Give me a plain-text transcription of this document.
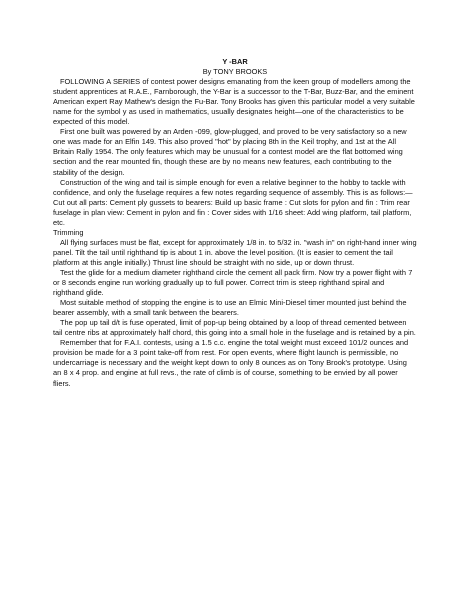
Y -BAR

By TONY BROOKS

FOLLOWING A SERIES of contest power designs emanating from the keen group of modellers among the student apprentices at R.A.E., Farnborough, the Y-Bar is a successor to the T-Bar, Buzz-Bar, and the eminent American expert Ray Mathew's design the Fu-Bar. Tony Brooks has given this particular model a very suitable name for the symbol y as used in mathematics, usually designates height—one of the characteristics to be expected of this model.

First one built was powered by an Arden -099, glow-plugged, and proved to be very satisfactory so a new one was made for an Elfin 149. This also proved "hot" by placing 8th in the Keil trophy, and 1st at the All Britain Rally 1954. The only features which may be unusual for a contest model are the flat bottomed wing section and the rear mounted fin, though these are by no means new features, each contributing to the stability of the design.

Construction of the wing and tail is simple enough for even a relative beginner to the hobby to tackle with confidence, and only the fuselage requires a few notes regarding sequence of assembly. This is as follows:— Cut out all parts: Cement ply gussets to bearers: Build up basic frame : Cut slots for pylon and fin : Trim rear fuselage in plan view: Cement in pylon and fin : Cover sides with 1/16 sheet: Add wing platform, tail platform, etc.

Trimming

All flying surfaces must be flat, except for approximately 1/8 in. to 5/32 in. "wash in" on right-hand inner wing panel. Tilt the tail until righthand tip is about 1 in. above the level position. (It is easier to cement the tail platform at this angle initially.) Thrust line should be straight with no side, up or down thrust.

Test the glide for a medium diameter righthand circle the cement all pack firm. Now try a power flight with 7 or 8 seconds engine run working gradually up to full power. Correct trim is steep righthand spiral and righthand glide.

Most suitable method of stopping the engine is to use an Elmic Mini-Diesel timer mounted just behind the bearer assembly, with a small tank between the bearers.

The pop up tail d/t is fuse operated, limit of pop-up being obtained by a loop of thread cemented between tail centre ribs at approximately half chord, this going into a small hole in the fuselage and is retained by a pin.

Remember that for F.A.I. contests, using a 1.5 c.c. engine the total weight must exceed 101/2 ounces and provision be made for a 3 point take-off from rest. For open events, where flight launch is permissible, no undercarriage is necessary and the weight kept down to only 8 ounces as on Tony Brook's prototype. Using an 8 x 4 prop. and engine at full revs., the rate of climb is of course, something to be envied by all power fliers.
